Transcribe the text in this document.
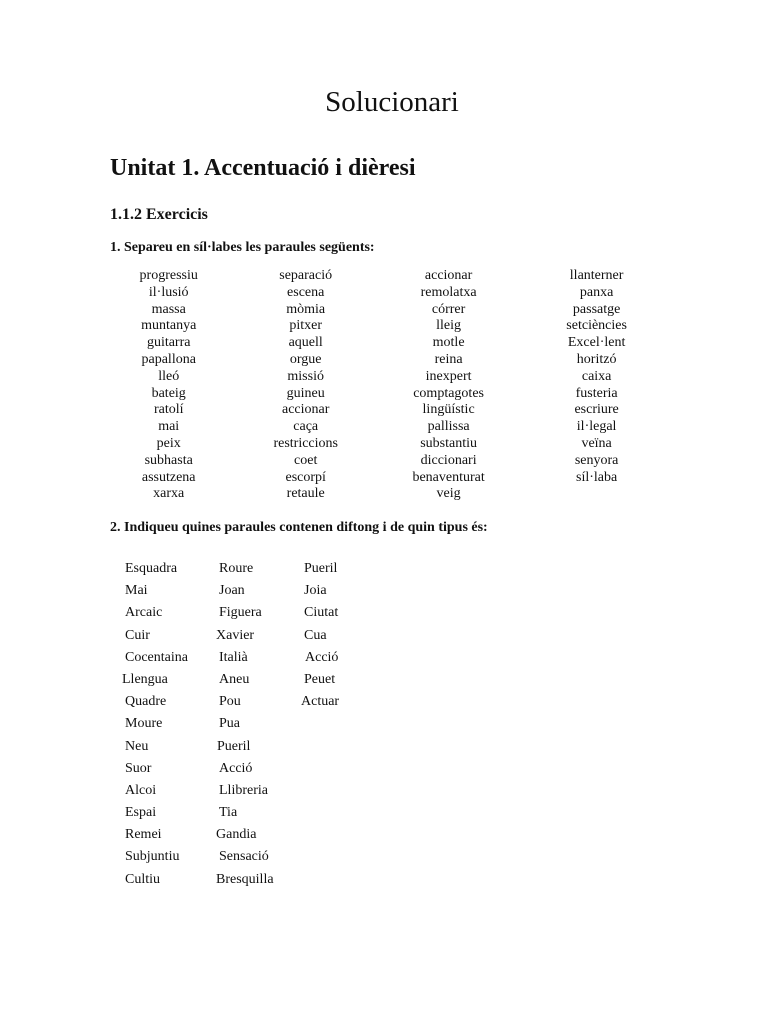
Solucionari
Unitat 1. Accentuació i dièresi
1.1.2 Exercicis

1. Separeu en síl·labes les paraules següents:

progressiu	separació	accionar	llanterner
il·lusió	escena	remolatxa	panxa
massa	mòmia	córrer	passatge
muntanya	pitxer	lleig	setciències
guitarra	aquell	motle	Excel·lent
papallona	orgue	reina	horitzó
lleó	missió	inexpert	caixa
bateig	guineu	comptagotes	fusteria
ratolí	accionar	lingüístic	escriure
mai	caça	pallissa	il·legal
peix	restriccions	substantiu	veïna
subhasta	coet	diccionari	senyora
assutzena	escorpí	benaventurat	síl·laba
xarxa	retaule	veig

2. Indiqueu quines paraules contenen diftong i de quin tipus és:

Esquadra	Roure	Pueril
Mai	Joan	Joia
Arcaic	Figuera	Ciutat
Cuir	Xavier	Cua
Cocentaina Italià	Acció
Llengua	Aneu	Peuet
Quadre	Pou	Actuar
Moure	Pua
Neu	Pueril
Suor	Acció
Alcoi	Llibreria
Espai	Tia
Remei	Gandia
Subjuntiu	Sensació
Cultiu	Bresquilla
